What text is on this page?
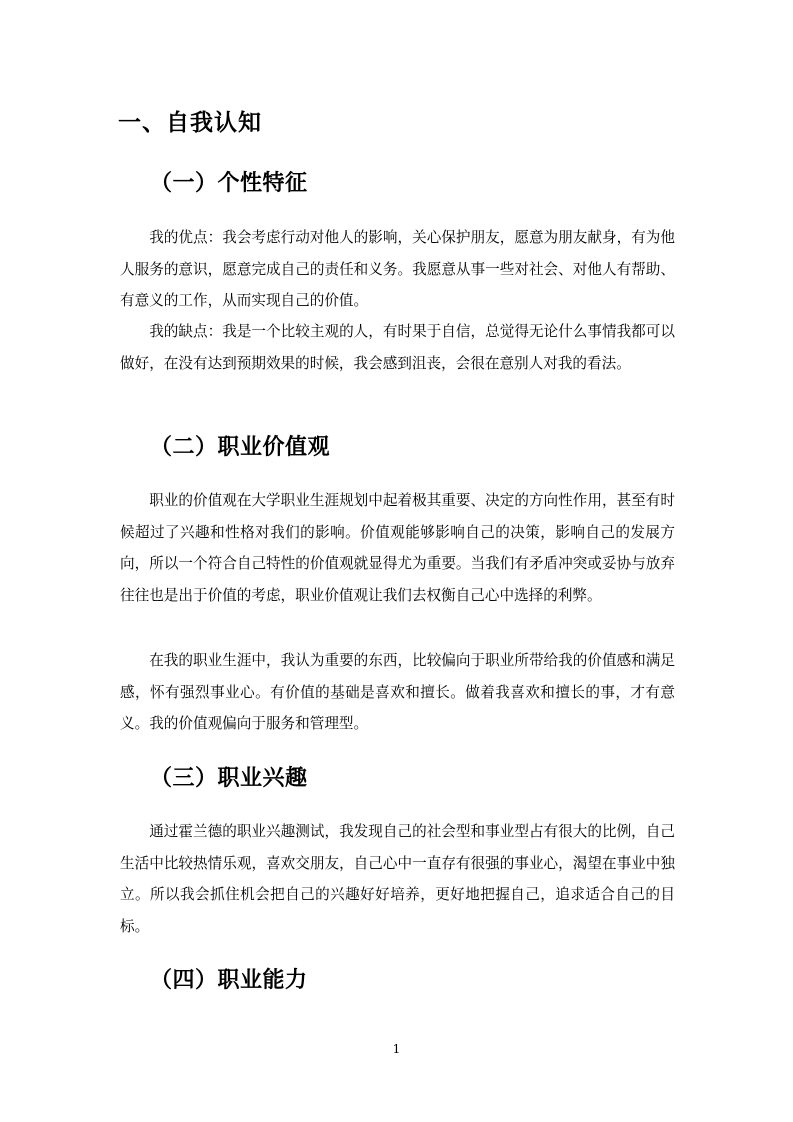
一、自我认知
（一）个性特征

我的优点：我会考虑行动对他人的影响，关心保护朋友，愿意为朋友献身，有为他人服务的意识，愿意完成自己的责任和义务。我愿意从事一些对社会、对他人有帮助、有意义的工作，从而实现自己的价值。

我的缺点：我是一个比较主观的人，有时果于自信，总觉得无论什么事情我都可以做好，在没有达到预期效果的时候，我会感到沮丧，会很在意别人对我的看法。

（二）职业价值观

职业的价值观在大学职业生涯规划中起着极其重要、决定的方向性作用，甚至有时候超过了兴趣和性格对我们的影响。价值观能够影响自己的决策，影响自己的发展方向，所以一个符合自己特性的价值观就显得尤为重要。当我们有矛盾冲突或妥协与放弃往往也是出于价值的考虑，职业价值观让我们去权衡自己心中选择的利弊。

在我的职业生涯中，我认为重要的东西，比较偏向于职业所带给我的价值感和满足感，怀有强烈事业心。有价值的基础是喜欢和擅长。做着我喜欢和擅长的事，才有意义。我的价值观偏向于服务和管理型。

（三）职业兴趣

通过霍兰德的职业兴趣测试，我发现自己的社会型和事业型占有很大的比例，自己生活中比较热情乐观，喜欢交朋友，自己心中一直存有很强的事业心，渴望在事业中独立。所以我会抓住机会把自己的兴趣好好培养，更好地把握自己，追求适合自己的目标。

（四）职业能力
1
